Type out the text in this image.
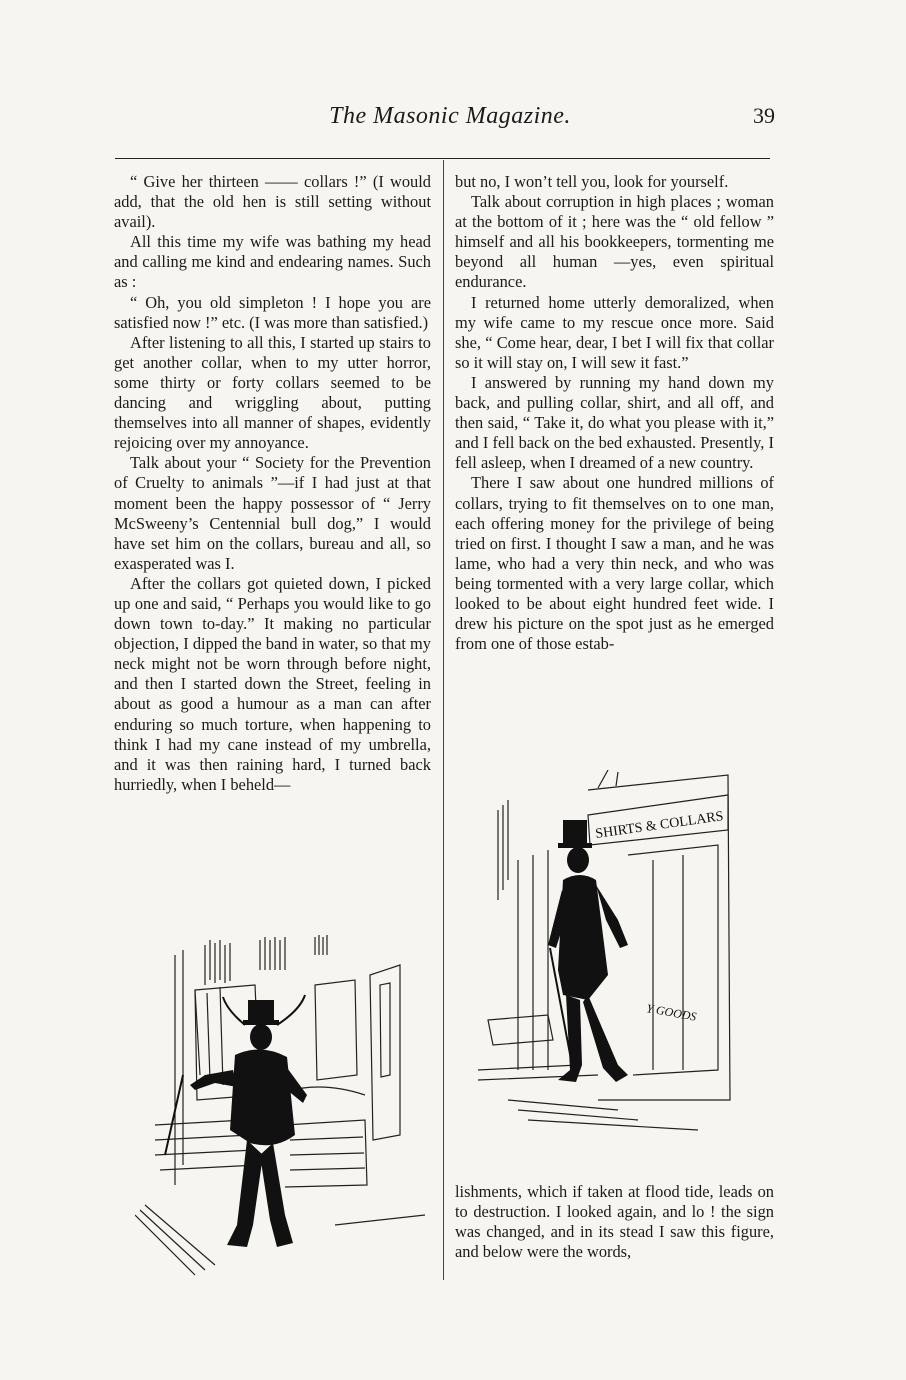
The Masonic Magazine.	39

“ Give her thirteen —— collars !” (I would add, that the old hen is still setting without avail).

All this time my wife was bathing my head and calling me kind and endearing names. Such as :

“ Oh, you old simpleton ! I hope you are satisfied now !” etc. (I was more than satisfied.)

After listening to all this, I started up stairs to get another collar, when to my utter horror, some thirty or forty collars seemed to be dancing and wriggling about, putting themselves into all manner of shapes, evidently rejoicing over my annoyance.

Talk about your “ Society for the Prevention of Cruelty to animals ”—if I had just at that moment been the happy possessor of “ Jerry McSweeny’s Centennial bull dog,” I would have set him on the collars, bureau and all, so exasperated was I.

After the collars got quieted down, I picked up one and said, “ Perhaps you would like to go down town to-day.” It making no particular objection, I dipped the band in water, so that my neck might not be worn through before night, and then I started down the Street, feeling in about as good a humour as a man can after enduring so much torture, when happening to think I had my cane instead of my umbrella, and it was then raining hard, I turned back hurriedly, when I beheld—

but no, I won’t tell you, look for yourself.

Talk about corruption in high places ; woman at the bottom of it ; here was the “ old fellow ” himself and all his bookkeepers, tormenting me beyond all human —yes, even spiritual endurance.

I returned home utterly demoralized, when my wife came to my rescue once more. Said she, “ Come hear, dear, I bet I will fix that collar so it will stay on, I will sew it fast.”

I answered by running my hand down my back, and pulling collar, shirt, and all off, and then said, “ Take it, do what you please with it,” and I fell back on the bed exhausted. Presently, I fell asleep, when I dreamed of a new country.

There I saw about one hundred millions of collars, trying to fit themselves on to one man, each offering money for the privilege of being tried on first. I thought I saw a man, and he was lame, who had a very thin neck, and who was being tormented with a very large collar, which looked to be about eight hundred feet wide. I drew his picture on the spot just as he emerged from one of those estab-

SHIRTS & COLLARS
Y GOODS

lishments, which if taken at flood tide, leads on to destruction. I looked again, and lo ! the sign was changed, and in its stead I saw this figure, and below were the words,
